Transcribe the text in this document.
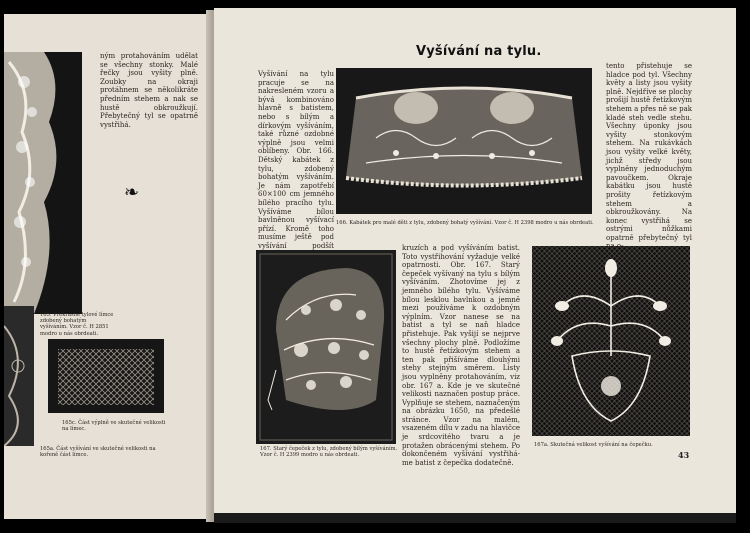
ným protahováním udělat se všechny stonky. Malé řečky jsou vyšity plně. Zoubky na okraji protáhnem se několikráte předním stehem a nak se hustě obkroužkují. Přebytečný tyl se opatrně vystřihá.

❧

165. Překrásné tylové límce zdobený bohatým vyšíváním. Vzor č. H 2851 modro u nás obrdeati.

165c. Část výplně ve skutečné velikosti na límec.

165a. Část vyšívání ve skutečné velikosti na kořeně část límce.

Vyšívání na tylu.

Vyšívání na tylu pracuje se na nakresleném vzoru a bývá kombinováno hlavně s batistem, nebo s bílým a dírkovým vyšíváním, také různé ozdobné výplně jsou velmi oblíbeny. Obr. 166. Dětský kabátek z tylu, zdobený bohatým vyšíváním. Je nám zapotřebí 60×100 cm jemného bílého pracího tylu. Vyšíváme bílou bavlněnou vyšívací přízí. Kromě toho musíme ještě pod vyšívání podšít

tento přistehuje se hladce pod tyl. Všechny květy a listy jsou vyšity plně. Nejdříve se plochy prošijí hustě řetízkovým stehem a přes ně se pak kladé steh vedle stehu. Všechny úponky jsou vyšity stonkovým stehem. Na rukávkách jsou vyšity velké květy, jichž středy jsou vyplněny jednoduchým pavoučkem. Okraje kabátku jsou hustě prošity řetízkovým stehem a obkroužkovány. Na konec vystřihá se ostrými nůžkami opatrně přebytečný tyl

166. Kabátek pro malé děti z tylu, zdobený bohatý vyšívání. Vzor č. H 2398 modro u nás obrdeati.

167. Starý čepeček z tylu, zdobený bílým vyšíváním. Vzor č. H 2399 modro u nás obrdeati.

kruzích a pod vyšíváním batist. Toto vystřihování vyžaduje velké opatrnosti. Obr. 167. Starý čepeček vyšívaný na tylu s bílým vyšíváním. Zhotovíme jej z jemného bílého tylu. Vyšíváme bílou lesklou bavlnkou a jemně mezi používáme k ozdobným výplním. Vzor nanese se na batist a tyl se naň hladce přistehuje. Pak vyšijí se nejprve všechny plochy plně. Podložíme to hustě řetízkovým stehem a ten pak přišíváme dlouhými stehy stejným směrem. Listy jsou vyplněny protahováním, viz obr. 167 a. Kde je ve skutečné velikosti naznačen postup práce. Vyplňuje se stehem, naznačeným na obrázku 1650, na předešlé stránce. Vzor na malém, vsazeném dílu v zadu na hlavičce je srdcovitého tvaru a je protažen obrácenými stehem. Po dokončeném vyšívání vystřihá-me batist z čepečka dodatečně.

167a. Skutečná velikost vyšívání na čepečku.

43
